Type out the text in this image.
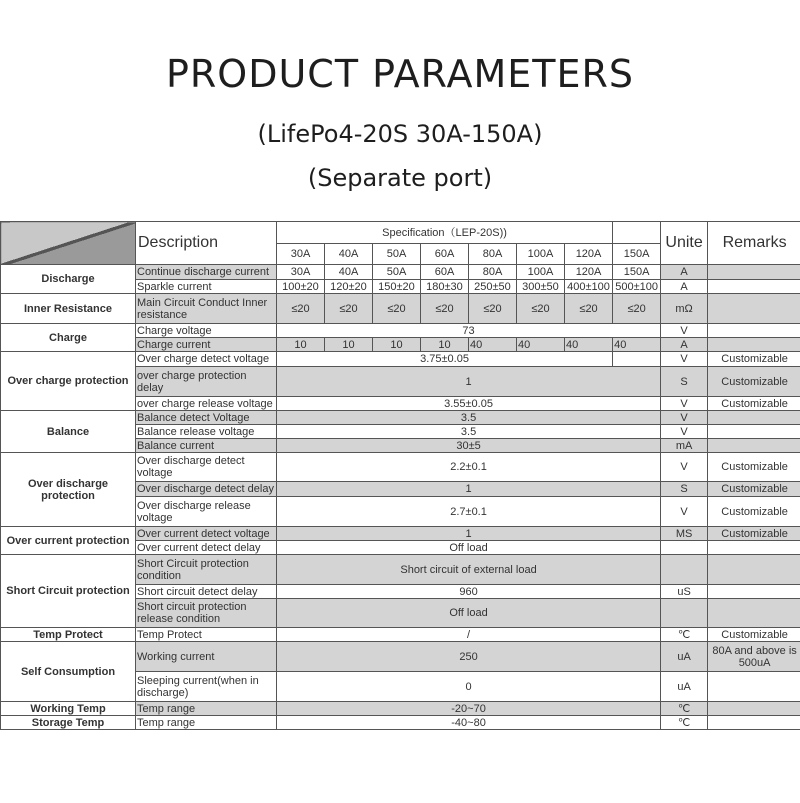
PRODUCT PARAMETERS
(LifePo4-20S 30A-150A)
(Separate port)
	Description	Specification（LEP-20S))								Unite	Remarks
		30A	40A	50A	60A	80A	100A	120A	150A		
Discharge	Continue discharge current	30A	40A	50A	60A	80A	100A	120A	150A	A	
	Sparkle current	100±20	120±20	150±20	180±30	250±50	300±50	400±100	500±100	A	
Inner Resistance	Main Circuit Conduct Inner resistance	≤20	≤20	≤20	≤20	≤20	≤20	≤20	≤20	mΩ	
Charge	Charge voltage	73								V	
	Charge current	10	10	10	10	40	40	40	40	A	
Over charge protection	Over charge detect voltage	3.75±0.05								V	Customizable
	over charge protection delay	1								S	Customizable
	over charge release voltage	3.55±0.05								V	Customizable
Balance	Balance detect Voltage	3.5								V	
	Balance release voltage	3.5								V	
	Balance current	30±5								mA	
Over discharge protection	Over discharge detect voltage	2.2±0.1								V	Customizable
	Over discharge detect delay	1								S	Customizable
	Over discharge release voltage	2.7±0.1								V	Customizable
Over current protection	Over current detect voltage	1								MS	Customizable
	Over current detect delay	Off load									
Short Circuit protection	Short Circuit protection condition	Short circuit of external load									
	Short circuit detect delay	960								uS	
	Short circuit protection release condition	Off load									
Temp Protect	Temp Protect	/								℃	Customizable
Self Consumption	Working current	250								uA	80A and above is 500uA
	Sleeping current(when in discharge)	0								uA	
Working Temp	Temp range	-20~70								℃	
Storage Temp	Temp range	-40~80								℃	
